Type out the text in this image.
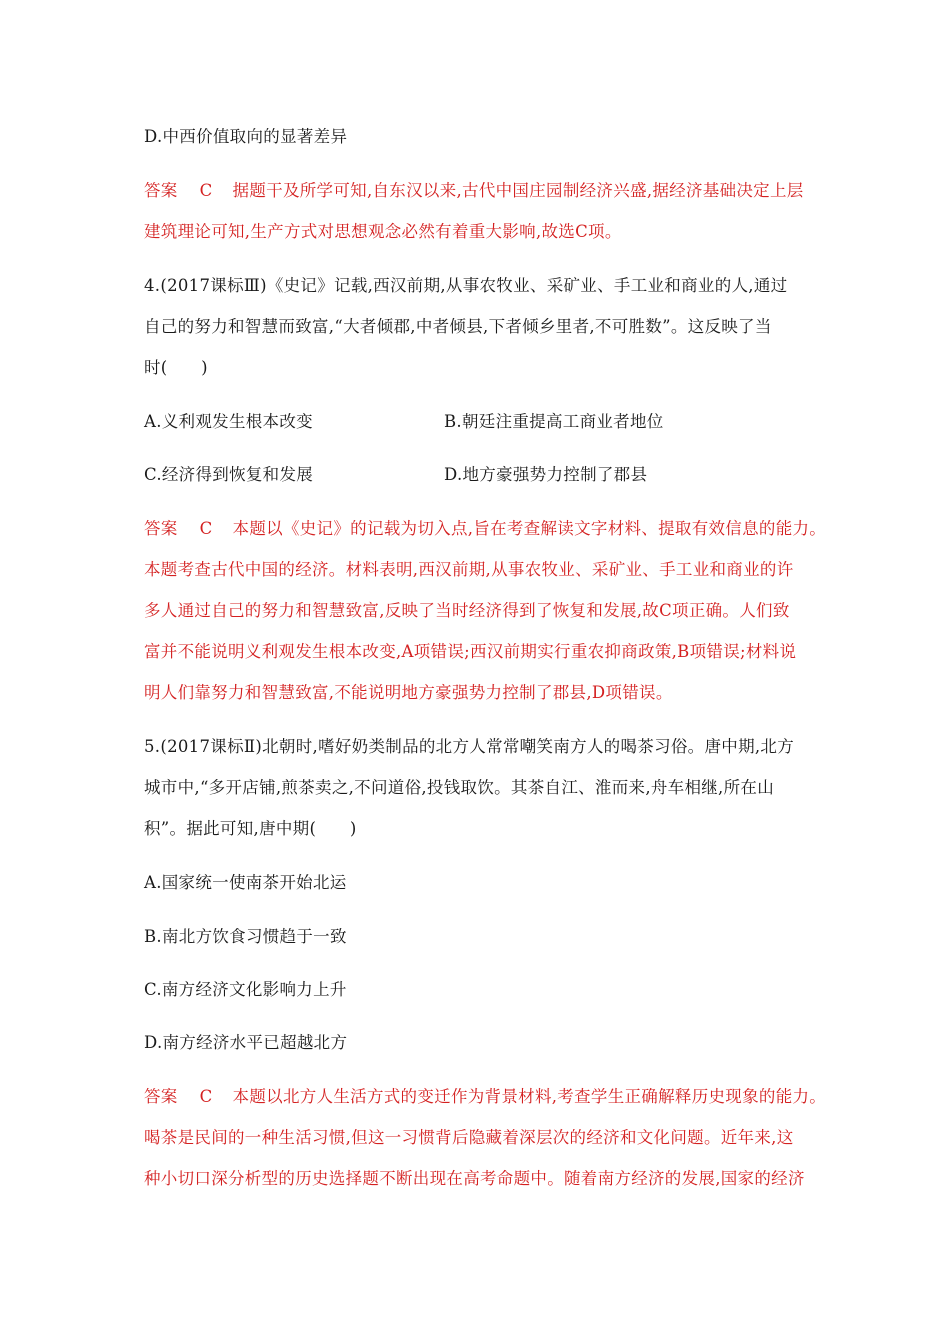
D.中西价值取向的显著差异
答案 C 据题干及所学可知,自东汉以来,古代中国庄园制经济兴盛,据经济基础决定上层
建筑理论可知,生产方式对思想观念必然有着重大影响,故选C项。
4.(2017课标Ⅲ)《史记》记载,西汉前期,从事农牧业、采矿业、手工业和商业的人,通过
自己的努力和智慧而致富,“大者倾郡,中者倾县,下者倾乡里者,不可胜数”。这反映了当
时(　　)
A.义利观发生根本改变	B.朝廷注重提高工商业者地位
C.经济得到恢复和发展	D.地方豪强势力控制了郡县
答案 C 本题以《史记》的记载为切入点,旨在考查解读文字材料、提取有效信息的能力。
本题考查古代中国的经济。材料表明,西汉前期,从事农牧业、采矿业、手工业和商业的许
多人通过自己的努力和智慧致富,反映了当时经济得到了恢复和发展,故C项正确。人们致
富并不能说明义利观发生根本改变,A项错误;西汉前期实行重农抑商政策,B项错误;材料说
明人们靠努力和智慧致富,不能说明地方豪强势力控制了郡县,D项错误。
5.(2017课标Ⅱ)北朝时,嗜好奶类制品的北方人常常嘲笑南方人的喝茶习俗。唐中期,北方
城市中,“多开店铺,煎茶卖之,不问道俗,投钱取饮。其茶自江、淮而来,舟车相继,所在山
积”。据此可知,唐中期(　　)
A.国家统一使南茶开始北运
B.南北方饮食习惯趋于一致
C.南方经济文化影响力上升
D.南方经济水平已超越北方
答案 C 本题以北方人生活方式的变迁作为背景材料,考查学生正确解释历史现象的能力。
喝茶是民间的一种生活习惯,但这一习惯背后隐藏着深层次的经济和文化问题。近年来,这
种小切口深分析型的历史选择题不断出现在高考命题中。随着南方经济的发展,国家的经济
